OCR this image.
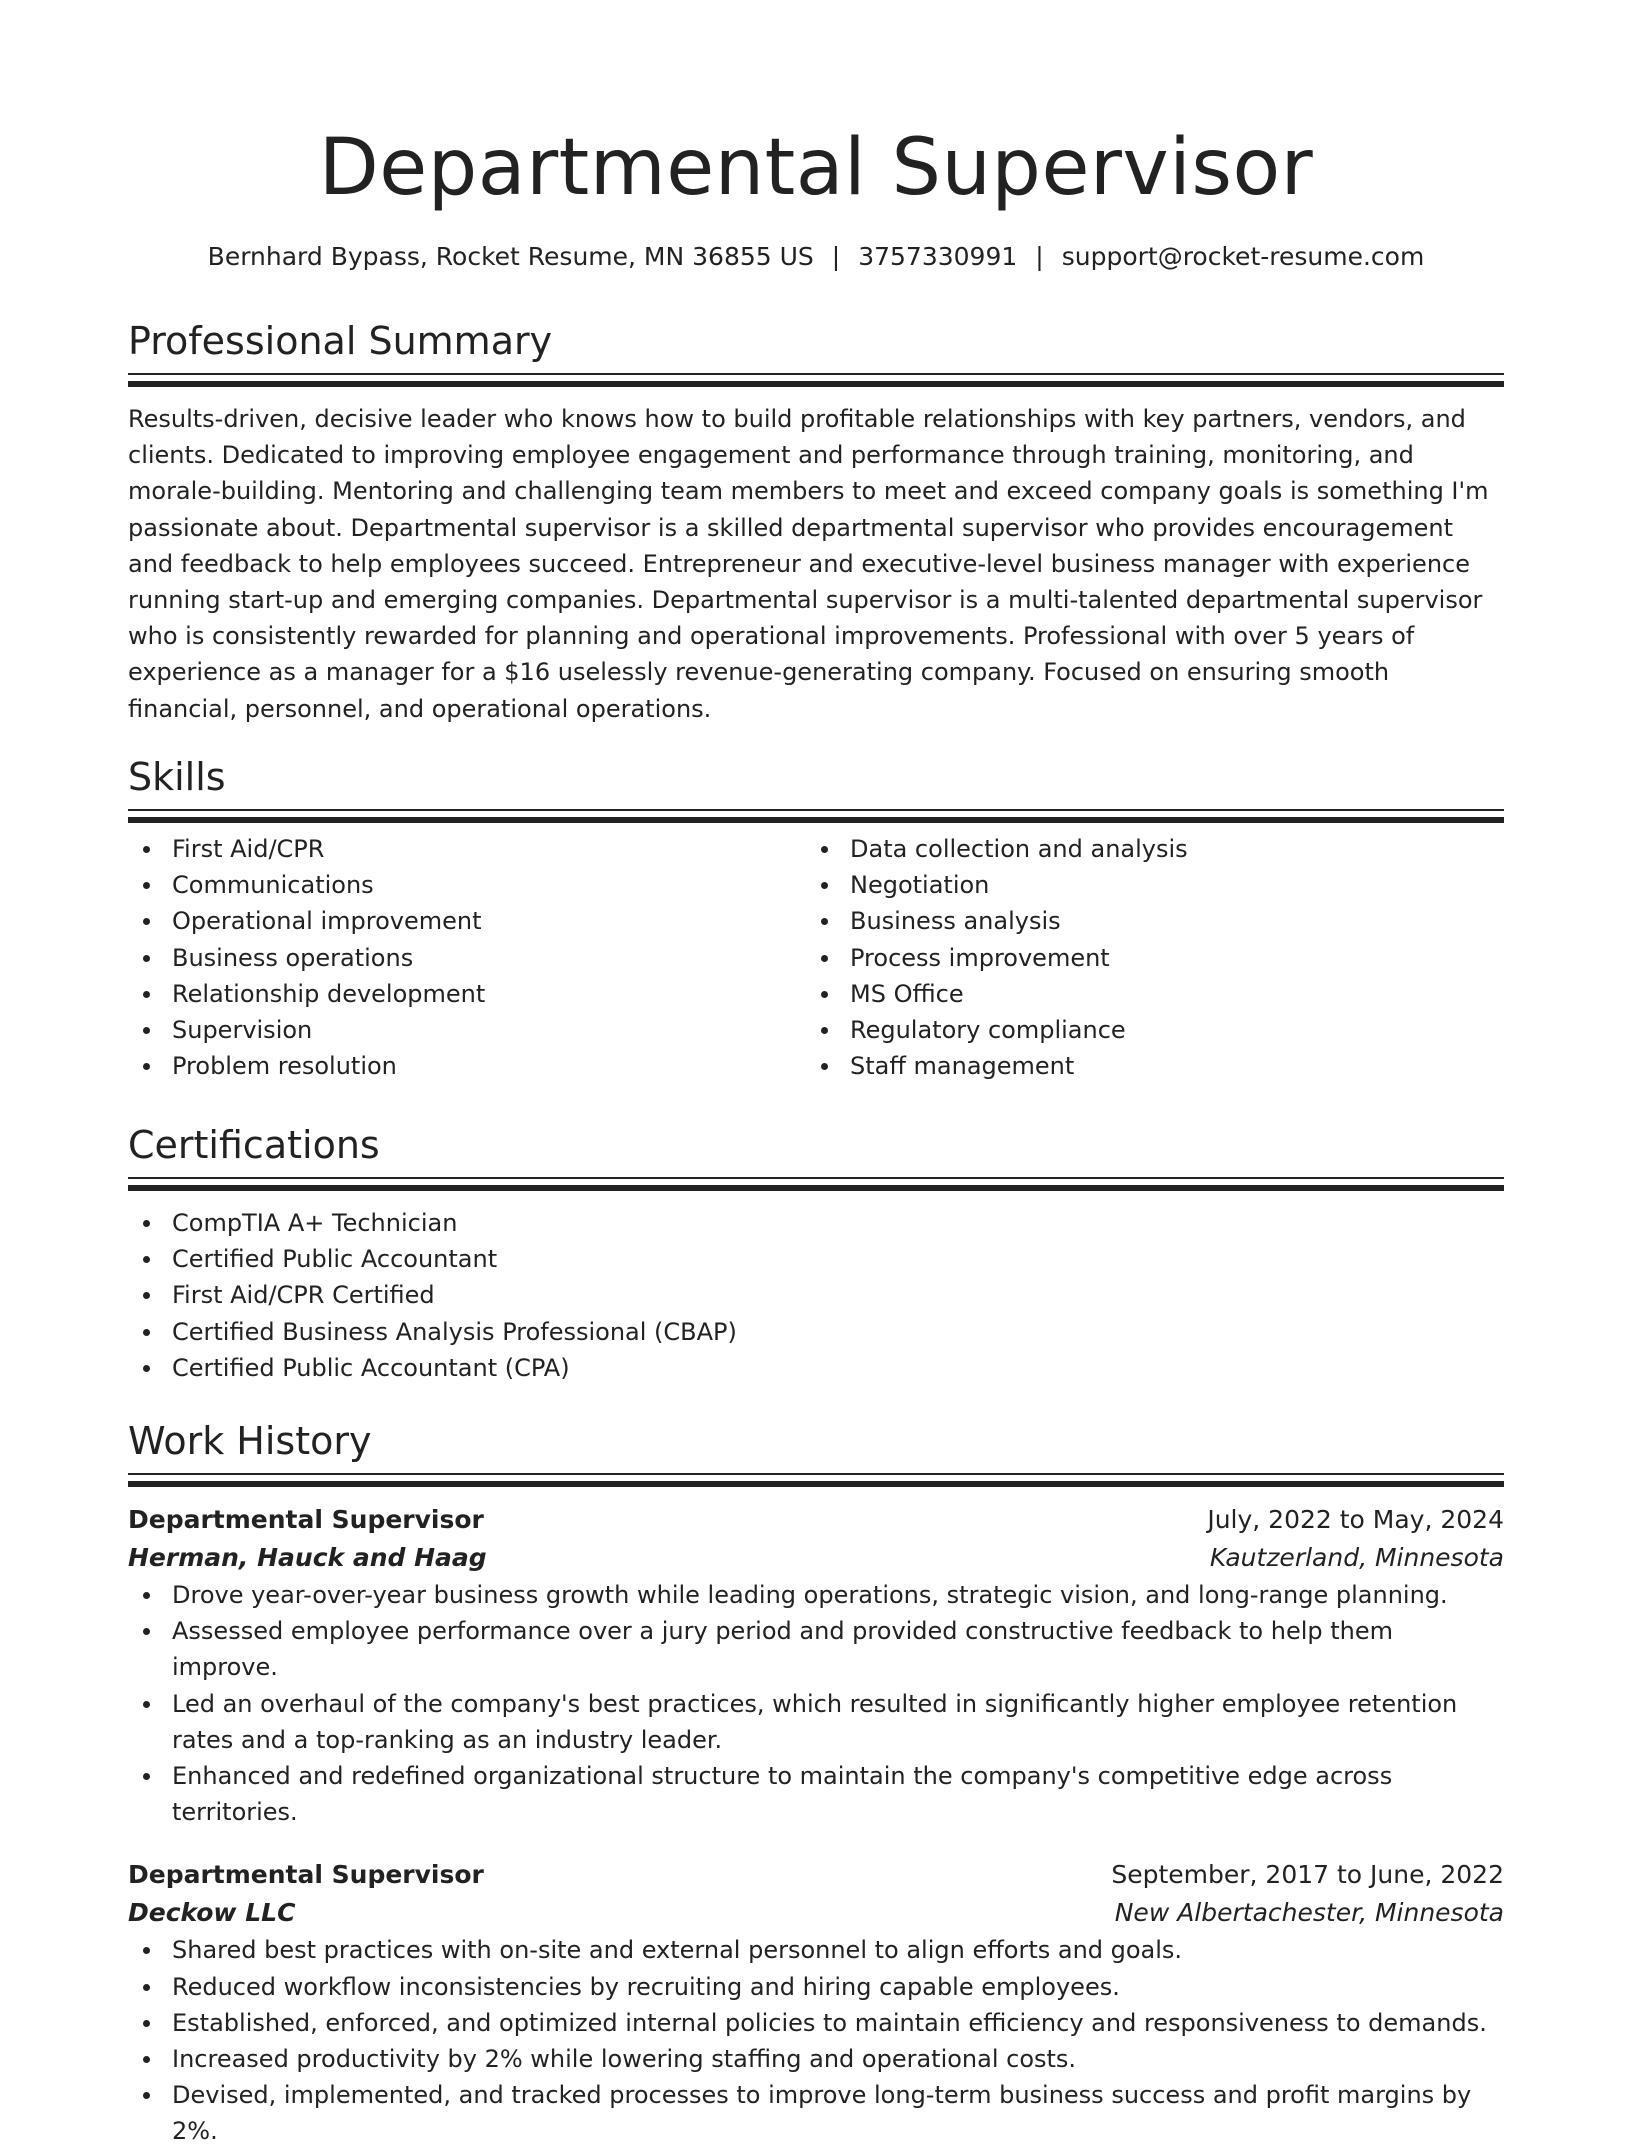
Departmental Supervisor
Bernhard Bypass, Rocket Resume, MN 36855 US | 3757330991 | support@rocket-resume.com
Professional Summary

Results-driven, decisive leader who knows how to build profitable relationships with key partners, vendors, and clients. Dedicated to improving employee engagement and performance through training, monitoring, and morale-building. Mentoring and challenging team members to meet and exceed company goals is something I'm passionate about. Departmental supervisor is a skilled departmental supervisor who provides encouragement and feedback to help employees succeed. Entrepreneur and executive-level business manager with experience running start-up and emerging companies. Departmental supervisor is a multi-talented departmental supervisor who is consistently rewarded for planning and operational improvements. Professional with over 5 years of experience as a manager for a $16 uselessly revenue-generating company. Focused on ensuring smooth financial, personnel, and operational operations.

Skills
First Aid/CPR
Communications
Operational improvement
Business operations
Relationship development
Supervision
Problem resolution
Data collection and analysis
Negotiation
Business analysis
Process improvement
MS Office
Regulatory compliance
Staff management
Certifications
CompTIA A+ Technician
Certified Public Accountant
First Aid/CPR Certified
Certified Business Analysis Professional (CBAP)
Certified Public Accountant (CPA)
Work History
Departmental Supervisor	July, 2022 to May, 2024
Herman, Hauck and Haag	Kautzerland, Minnesota
Drove year-over-year business growth while leading operations, strategic vision, and long-range planning.
Assessed employee performance over a jury period and provided constructive feedback to help them improve.
Led an overhaul of the company's best practices, which resulted in significantly higher employee retention rates and a top-ranking as an industry leader.
Enhanced and redefined organizational structure to maintain the company's competitive edge across territories.
Departmental Supervisor	September, 2017 to June, 2022
Deckow LLC	New Albertachester, Minnesota
Shared best practices with on-site and external personnel to align efforts and goals.
Reduced workflow inconsistencies by recruiting and hiring capable employees.
Established, enforced, and optimized internal policies to maintain efficiency and responsiveness to demands.
Increased productivity by 2% while lowering staffing and operational costs.
Devised, implemented, and tracked processes to improve long-term business success and profit margins by 2%.
